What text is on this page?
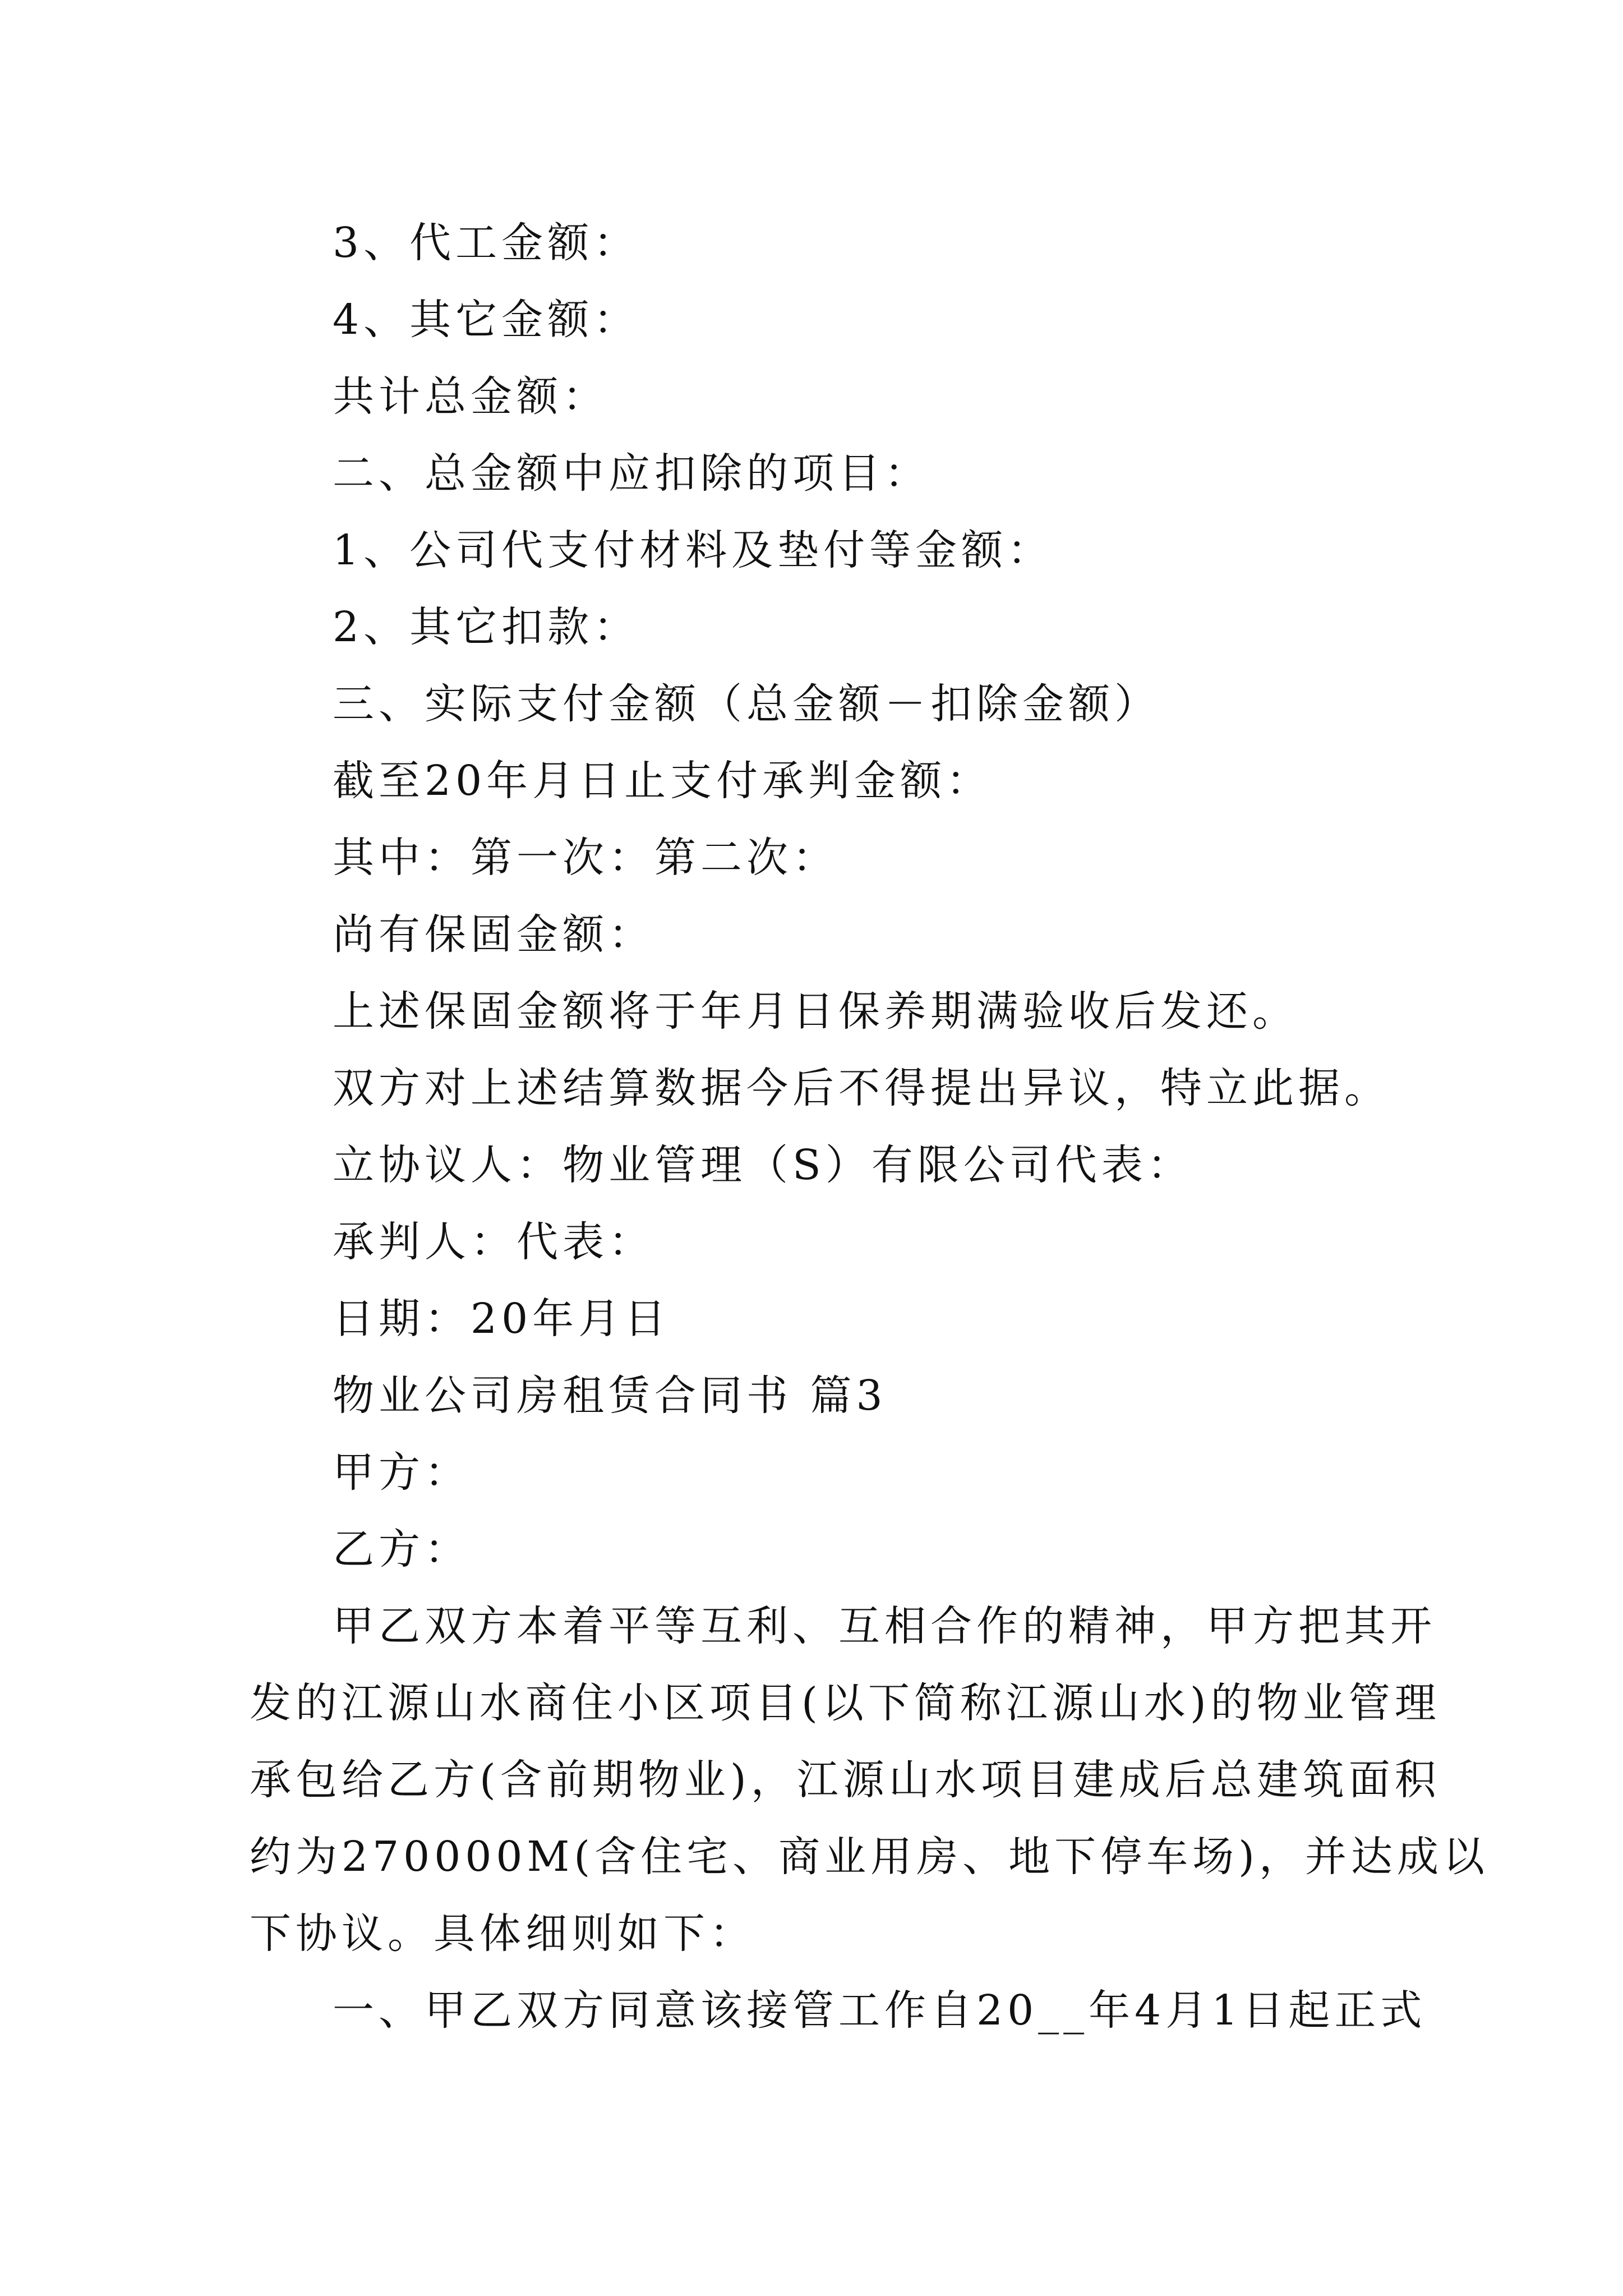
3、代工金额：
4、其它金额：
共计总金额：
二、总金额中应扣除的项目：
1、公司代支付材料及垫付等金额：
2、其它扣款：
三、实际支付金额（总金额－扣除金额）
截至20年月日止支付承判金额：
其中：第一次：第二次：
尚有保固金额：
上述保固金额将于年月日保养期满验收后发还。
双方对上述结算数据今后不得提出异议，特立此据。
立协议人：物业管理（S）有限公司代表：
承判人：代表：
日期：20年月日
物业公司房租赁合同书 篇3
甲方：
乙方：
甲乙双方本着平等互利、互相合作的精神，甲方把其开
发的江源山水商住小区项目(以下简称江源山水)的物业管理
承包给乙方(含前期物业)，江源山水项目建成后总建筑面积
约为270000M(含住宅、商业用房、地下停车场)，并达成以
下协议。具体细则如下：
一、甲乙双方同意该接管工作自20__年4月1日起正式
